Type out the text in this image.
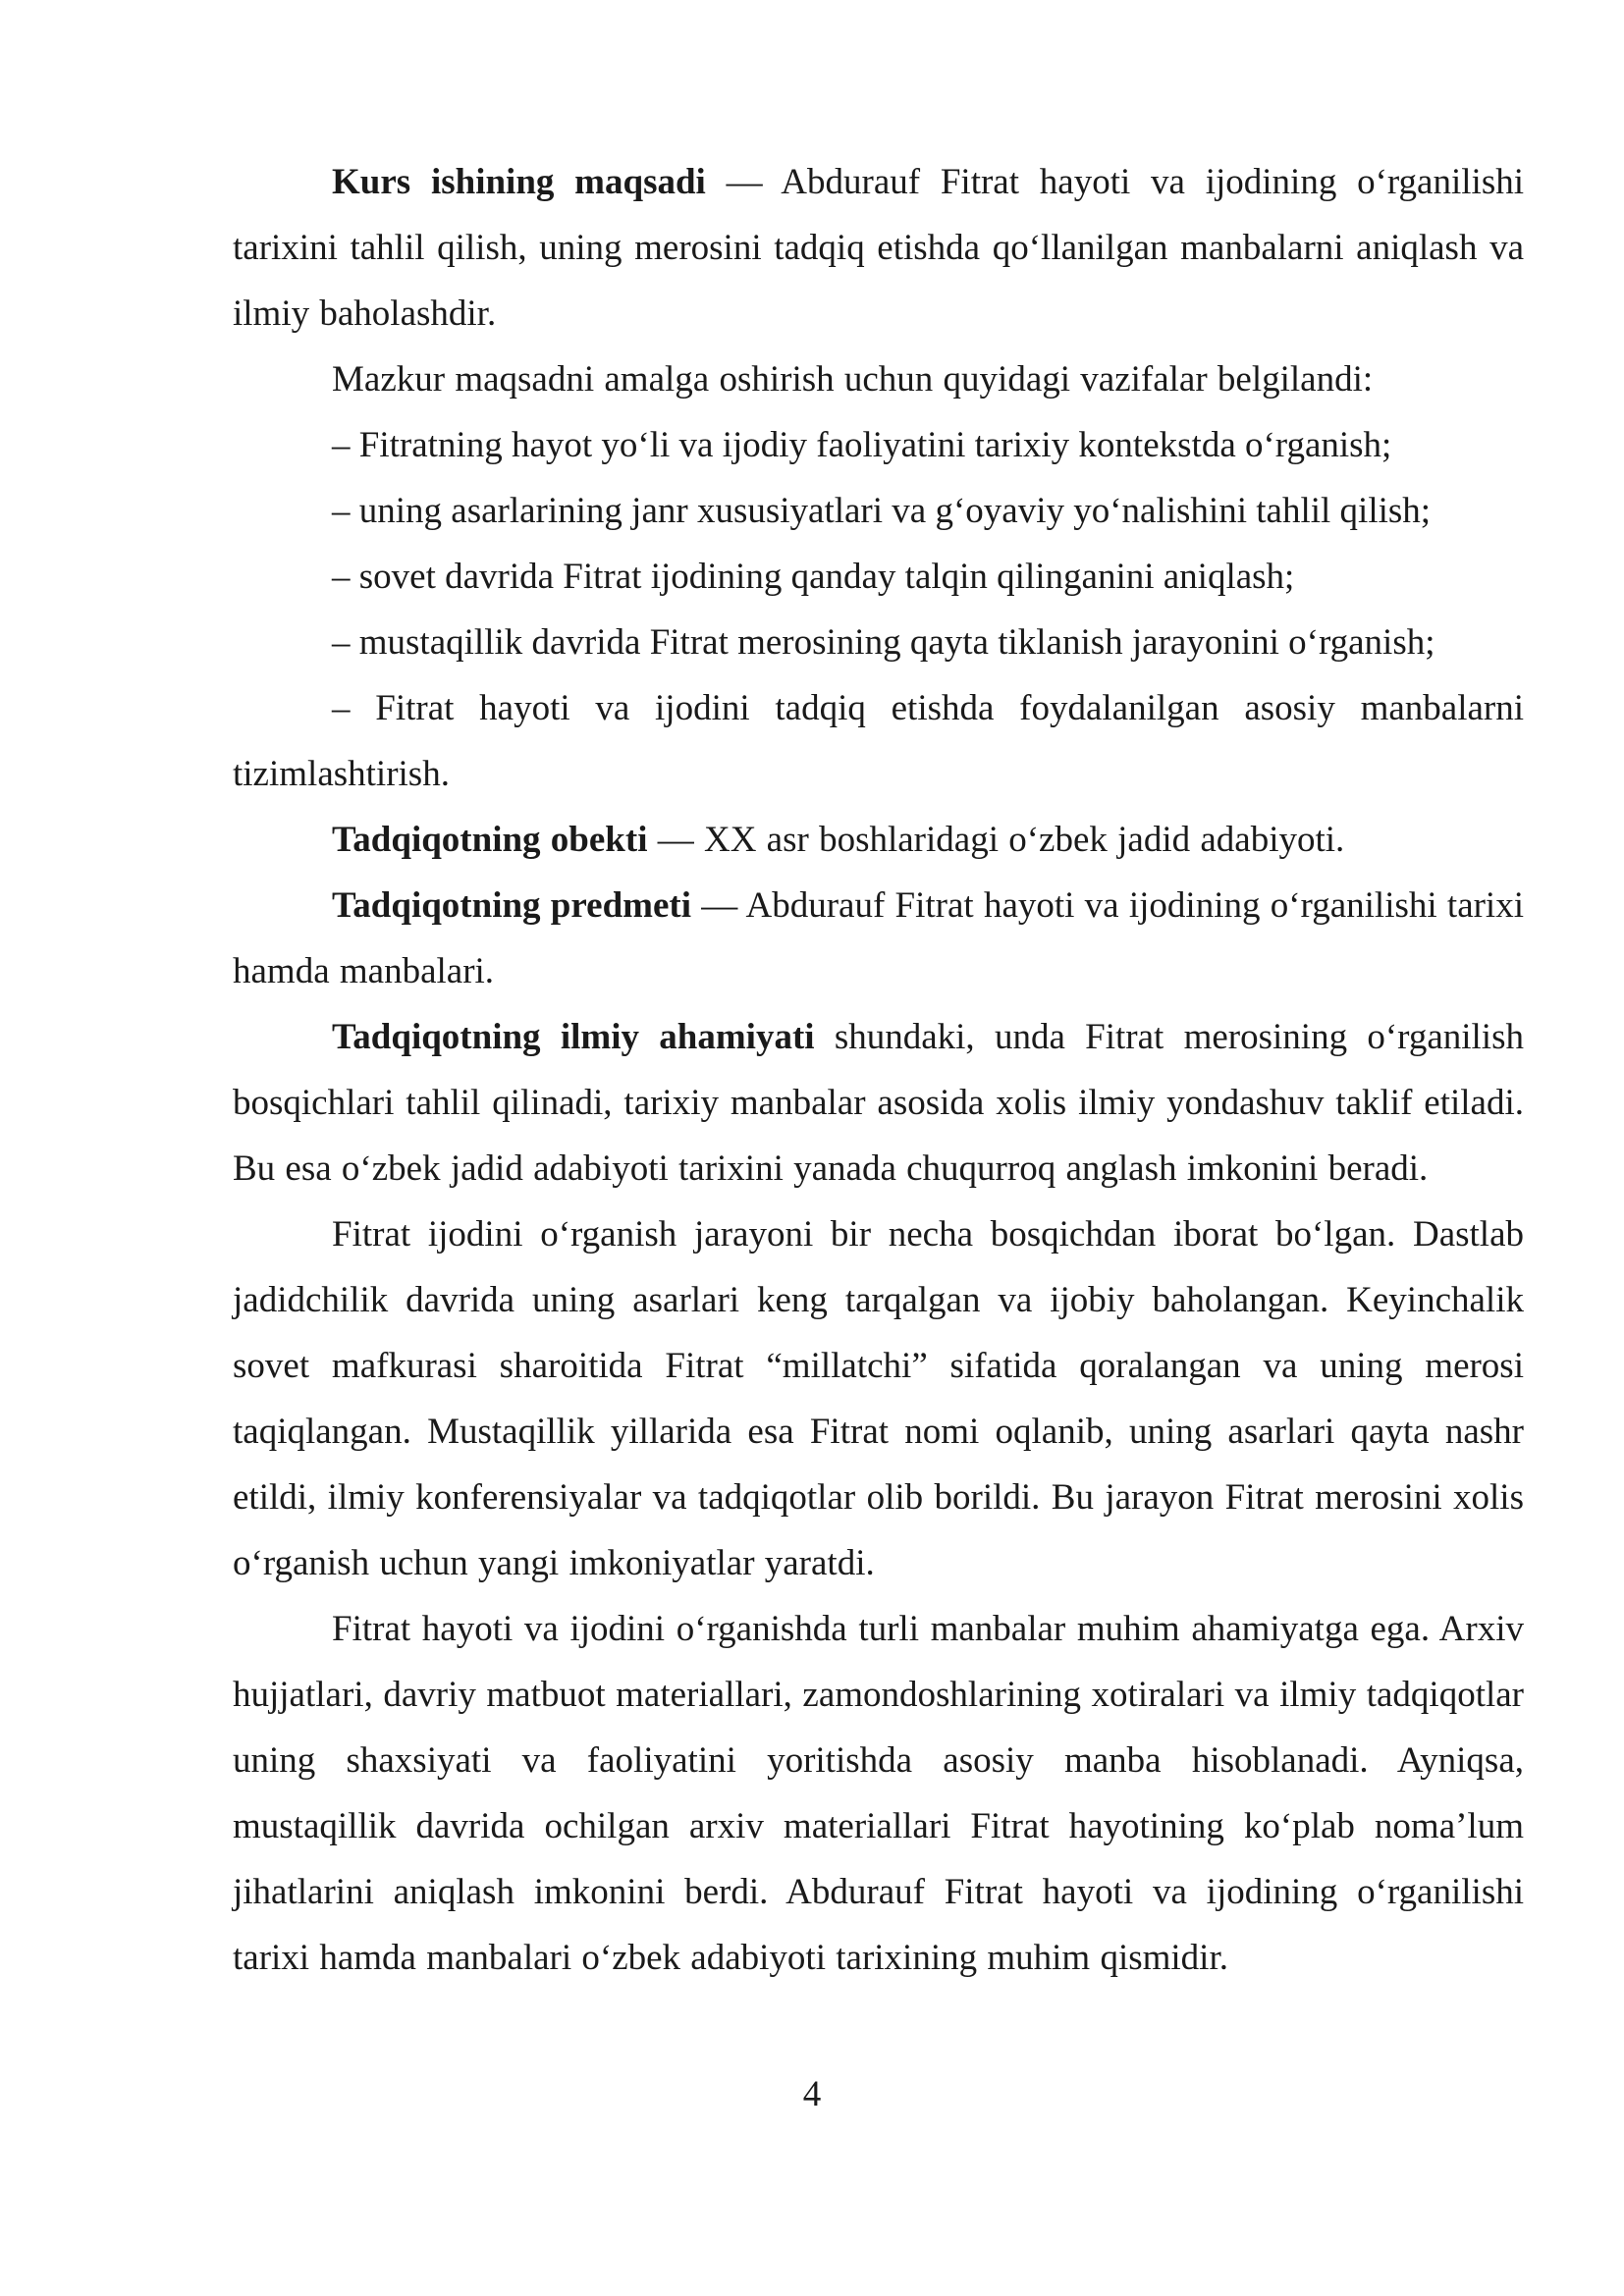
Kurs ishining maqsadi — Abdurauf Fitrat hayoti va ijodining o‘rganilishi tarixini tahlil qilish, uning merosini tadqiq etishda qo‘llanilgan manbalarni aniqlash va ilmiy baholashdir.

Mazkur maqsadni amalga oshirish uchun quyidagi vazifalar belgilandi:

– Fitratning hayot yo‘li va ijodiy faoliyatini tarixiy kontekstda o‘rganish;

– uning asarlarining janr xususiyatlari va g‘oyaviy yo‘nalishini tahlil qilish;

– sovet davrida Fitrat ijodining qanday talqin qilinganini aniqlash;

– mustaqillik davrida Fitrat merosining qayta tiklanish jarayonini o‘rganish;

– Fitrat hayoti va ijodini tadqiq etishda foydalanilgan asosiy manbalarni tizimlashtirish.

Tadqiqotning obekti — XX asr boshlaridagi o‘zbek jadid adabiyoti.

Tadqiqotning predmeti — Abdurauf Fitrat hayoti va ijodining o‘rganilishi tarixi hamda manbalari.

Tadqiqotning ilmiy ahamiyati shundaki, unda Fitrat merosining o‘rganilish bosqichlari tahlil qilinadi, tarixiy manbalar asosida xolis ilmiy yondashuv taklif etiladi. Bu esa o‘zbek jadid adabiyoti tarixini yanada chuqurroq anglash imkonini beradi.

Fitrat ijodini o‘rganish jarayoni bir necha bosqichdan iborat bo‘lgan. Dastlab jadidchilik davrida uning asarlari keng tarqalgan va ijobiy baholangan. Keyinchalik sovet mafkurasi sharoitida Fitrat “millatchi” sifatida qoralangan va uning merosi taqiqlangan. Mustaqillik yillarida esa Fitrat nomi oqlanib, uning asarlari qayta nashr etildi, ilmiy konferensiyalar va tadqiqotlar olib borildi. Bu jarayon Fitrat merosini xolis o‘rganish uchun yangi imkoniyatlar yaratdi.

Fitrat hayoti va ijodini o‘rganishda turli manbalar muhim ahamiyatga ega. Arxiv hujjatlari, davriy matbuot materiallari, zamondoshlarining xotiralari va ilmiy tadqiqotlar uning shaxsiyati va faoliyatini yoritishda asosiy manba hisoblanadi. Ayniqsa, mustaqillik davrida ochilgan arxiv materiallari Fitrat hayotining ko‘plab noma’lum jihatlarini aniqlash imkonini berdi. Abdurauf Fitrat hayoti va ijodining o‘rganilishi tarixi hamda manbalari o‘zbek adabiyoti tarixining muhim qismidir.

4
